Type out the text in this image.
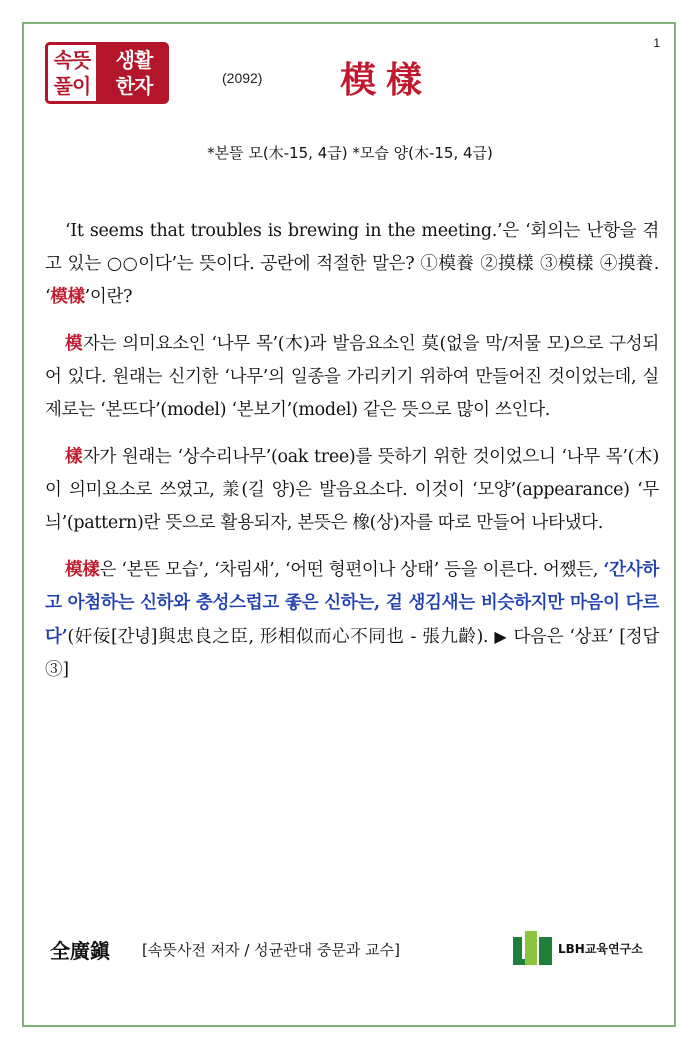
1
속뜻
풀이
생활
한자	(2092) 模樣
*본뜰 모(木-15, 4급) *모습 양(木-15, 4급)

‘It seems that troubles is brewing in the meeting.’은 ‘회의는 난항을 겪고 있는 ○○이다’는 뜻이다. 공란에 적절한 말은? ①模養 ②摸樣 ③模樣 ④摸養. ‘模樣’이란?

模자는 의미요소인 ‘나무 목’(木)과 발음요소인 莫(없을 막/저물 모)으로 구성되어 있다. 원래는 신기한 ‘나무’의 일종을 가리키기 위하여 만들어진 것이었는데, 실제로는 ‘본뜨다’(model) ‘본보기’(model) 같은 뜻으로 많이 쓰인다.

樣자가 원래는 ‘상수리나무’(oak tree)를 뜻하기 위한 것이었으니 ‘나무 목’(木)이 의미요소로 쓰였고, 羕(길 양)은 발음요소다. 이것이 ‘모양’(appearance) ‘무늬’(pattern)란 뜻으로 활용되자, 본뜻은 橡(상)자를 따로 만들어 나타냈다.

模樣은 ‘본뜬 모습’, ‘차림새’, ‘어떤 형편이나 상태’ 등을 이른다. 어쨌든, ‘간사하고 아첨하는 신하와 충성스럽고 좋은 신하는, 겉 생김새는 비슷하지만 마음이 다르다’(奸佞[간녕]與忠良之臣, 形相似而心不同也 - 張九齡). ▶ 다음은 ‘상표’ [정답 ③]

全廣鎭 [속뜻사전 저자 / 성균관대 중문과 교수]	LBH교육연구소
